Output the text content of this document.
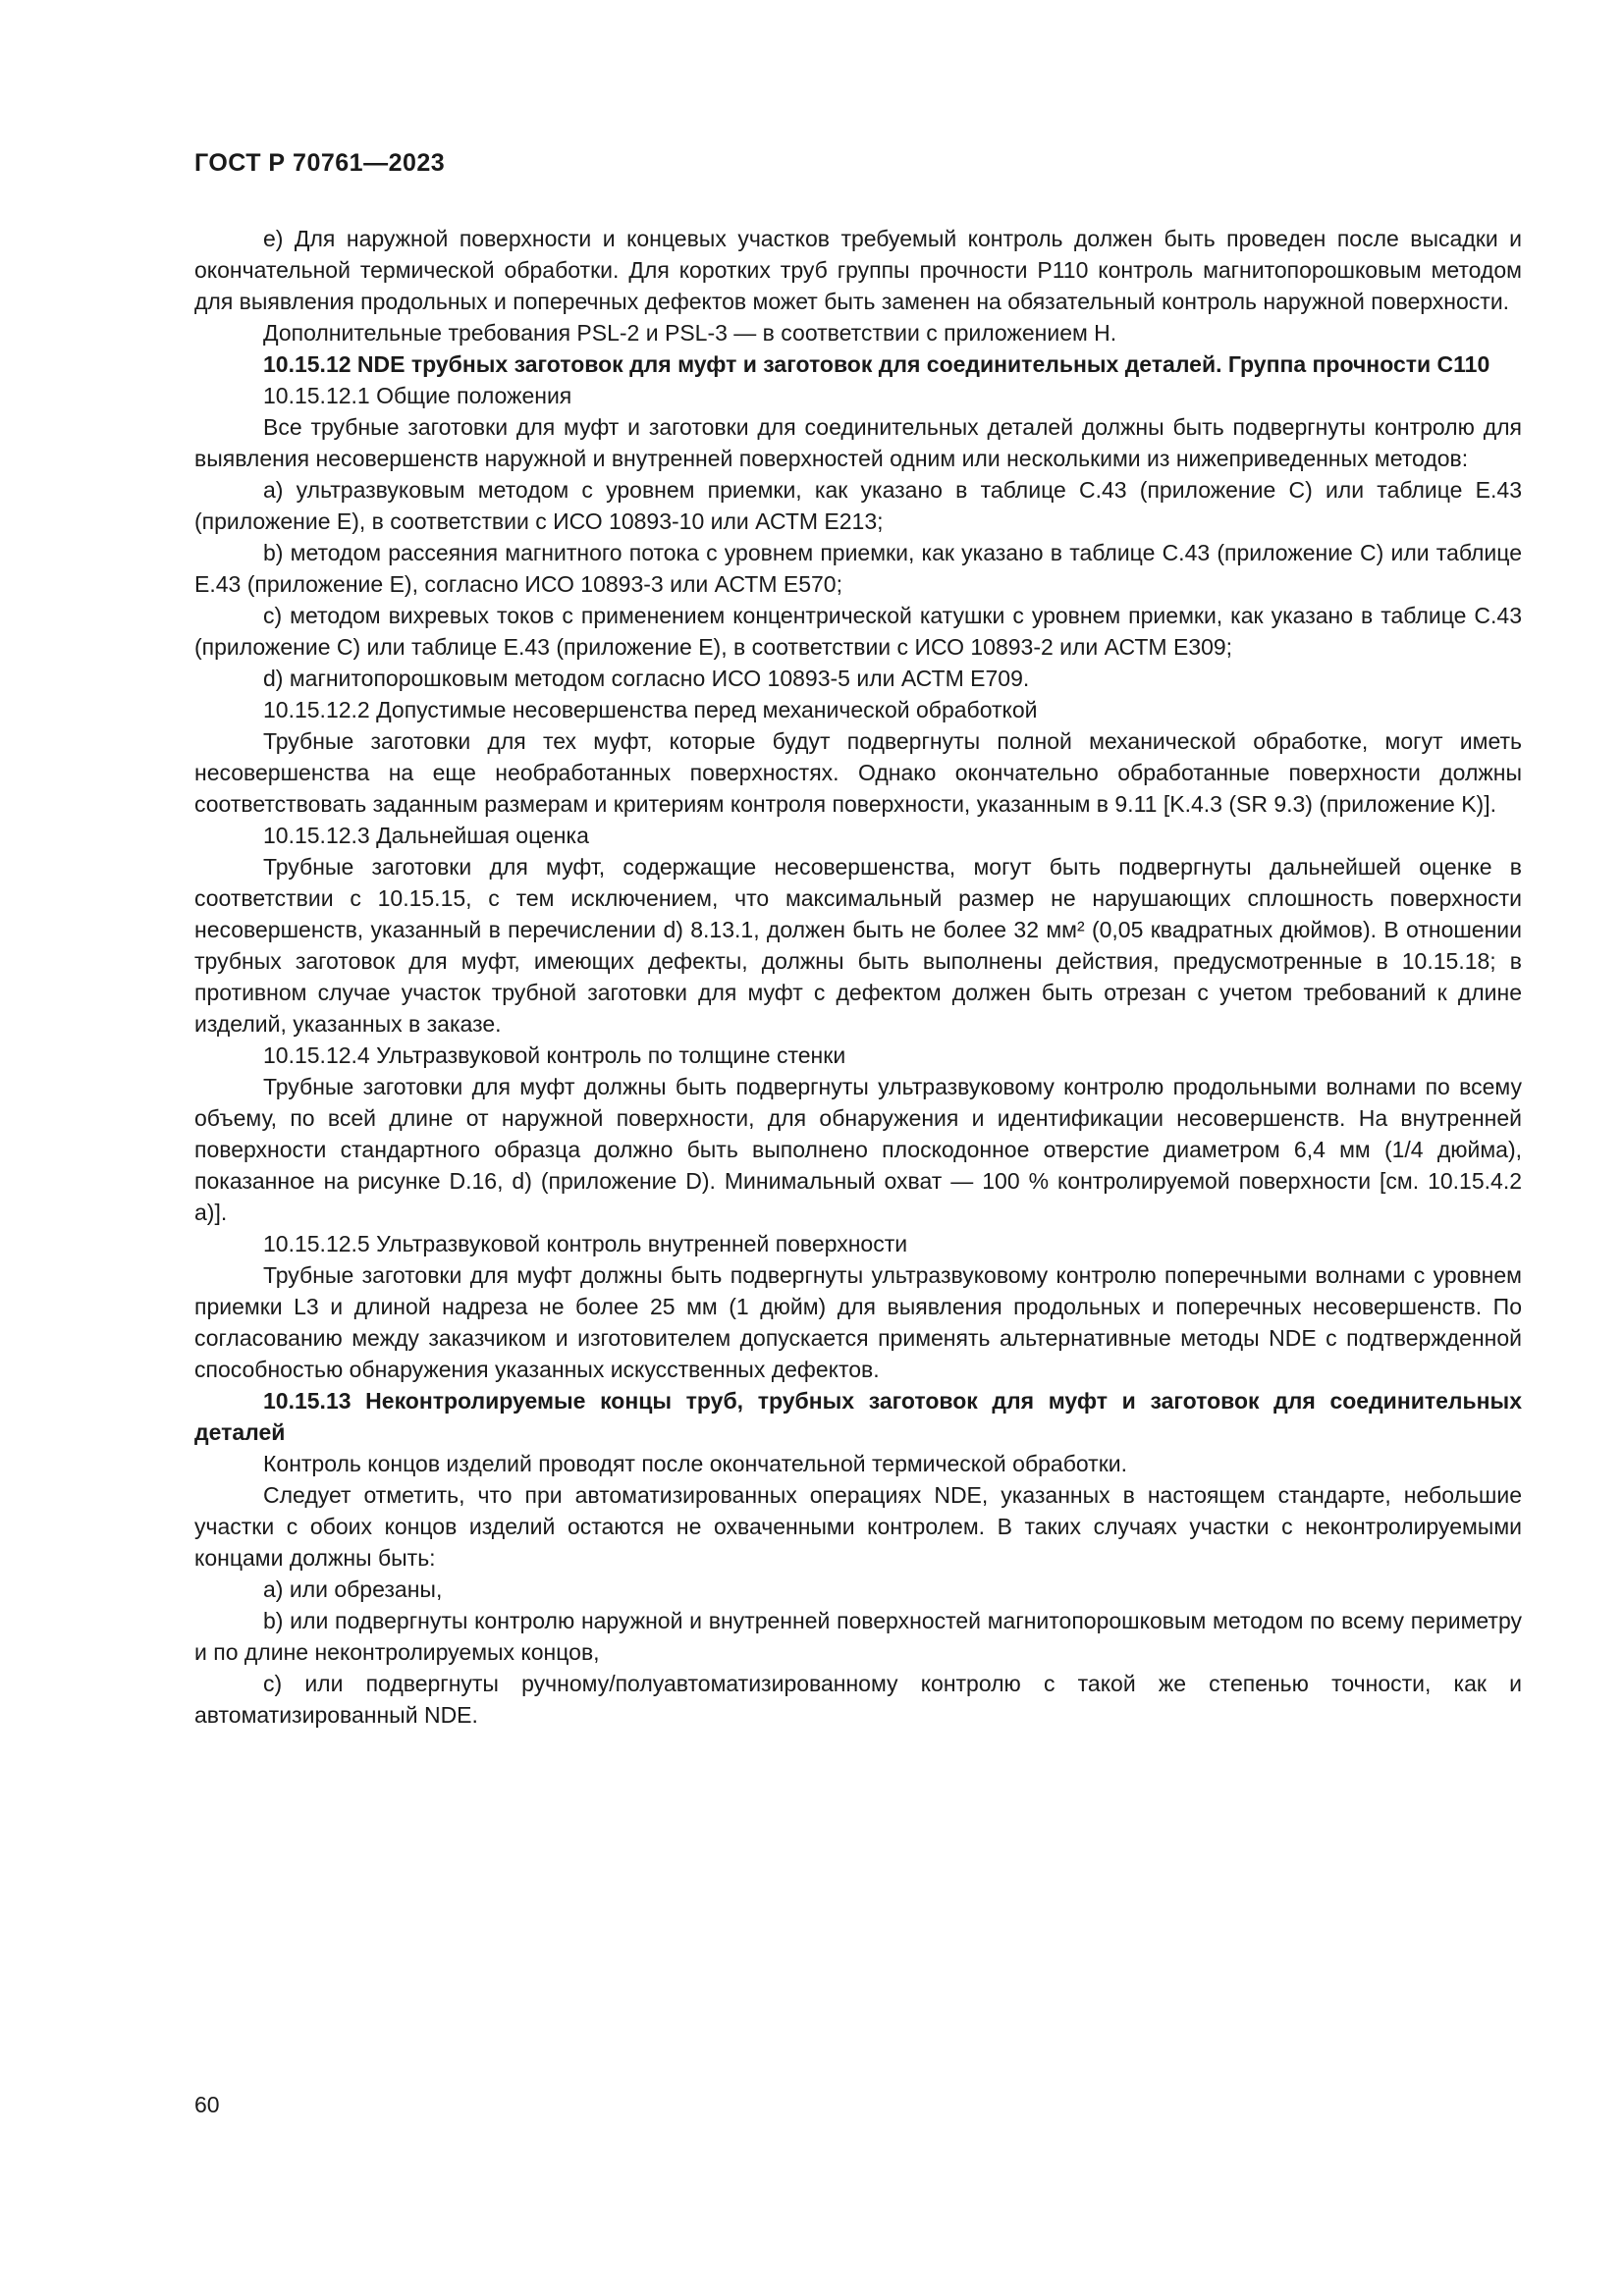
ГОСТ Р 70761—2023

e) Для наружной поверхности и концевых участков требуемый контроль должен быть проведен после высадки и окончательной термической обработки. Для коротких труб группы прочности P110 контроль магнитопорошковым методом для выявления продольных и поперечных дефектов может быть заменен на обязательный контроль наружной поверхности.

Дополнительные требования PSL-2 и PSL-3 — в соответствии с приложением H.

10.15.12 NDE трубных заготовок для муфт и заготовок для соединительных деталей. Группа прочности C110

10.15.12.1 Общие положения

Все трубные заготовки для муфт и заготовки для соединительных деталей должны быть подвергнуты контролю для выявления несовершенств наружной и внутренней поверхностей одним или несколькими из нижеприведенных методов:

a) ультразвуковым методом с уровнем приемки, как указано в таблице C.43 (приложение C) или таблице E.43 (приложение E), в соответствии с ИСО 10893-10 или АСТМ E213;

b) методом рассеяния магнитного потока с уровнем приемки, как указано в таблице C.43 (приложение C) или таблице E.43 (приложение E), согласно ИСО 10893-3 или АСТМ E570;

c) методом вихревых токов с применением концентрической катушки с уровнем приемки, как указано в таблице C.43 (приложение C) или таблице E.43 (приложение E), в соответствии с ИСО 10893-2 или АСТМ E309;

d) магнитопорошковым методом согласно ИСО 10893-5 или АСТМ E709.

10.15.12.2 Допустимые несовершенства перед механической обработкой

Трубные заготовки для тех муфт, которые будут подвергнуты полной механической обработке, могут иметь несовершенства на еще необработанных поверхностях. Однако окончательно обработанные поверхности должны соответствовать заданным размерам и критериям контроля поверхности, указанным в 9.11 [K.4.3 (SR 9.3) (приложение K)].

10.15.12.3 Дальнейшая оценка

Трубные заготовки для муфт, содержащие несовершенства, могут быть подвергнуты дальнейшей оценке в соответствии с 10.15.15, с тем исключением, что максимальный размер не нарушающих сплошность поверхности несовершенств, указанный в перечислении d) 8.13.1, должен быть не более 32 мм² (0,05 квадратных дюймов). В отношении трубных заготовок для муфт, имеющих дефекты, должны быть выполнены действия, предусмотренные в 10.15.18; в противном случае участок трубной заготовки для муфт с дефектом должен быть отрезан с учетом требований к длине изделий, указанных в заказе.

10.15.12.4 Ультразвуковой контроль по толщине стенки

Трубные заготовки для муфт должны быть подвергнуты ультразвуковому контролю продольными волнами по всему объему, по всей длине от наружной поверхности, для обнаружения и идентификации несовершенств. На внутренней поверхности стандартного образца должно быть выполнено плоскодонное отверстие диаметром 6,4 мм (1/4 дюйма), показанное на рисунке D.16, d) (приложение D). Минимальный охват — 100 % контролируемой поверхности [см. 10.15.4.2 a)].

10.15.12.5 Ультразвуковой контроль внутренней поверхности

Трубные заготовки для муфт должны быть подвергнуты ультразвуковому контролю поперечными волнами с уровнем приемки L3 и длиной надреза не более 25 мм (1 дюйм) для выявления продольных и поперечных несовершенств. По согласованию между заказчиком и изготовителем допускается применять альтернативные методы NDE с подтвержденной способностью обнаружения указанных искусственных дефектов.

10.15.13 Неконтролируемые концы труб, трубных заготовок для муфт и заготовок для соединительных деталей

Контроль концов изделий проводят после окончательной термической обработки.

Следует отметить, что при автоматизированных операциях NDE, указанных в настоящем стандарте, небольшие участки с обоих концов изделий остаются не охваченными контролем. В таких случаях участки с неконтролируемыми концами должны быть:

a) или обрезаны,

b) или подвергнуты контролю наружной и внутренней поверхностей магнитопорошковым методом по всему периметру и по длине неконтролируемых концов,

c) или подвергнуты ручному/полуавтоматизированному контролю с такой же степенью точности, как и автоматизированный NDE.

60
